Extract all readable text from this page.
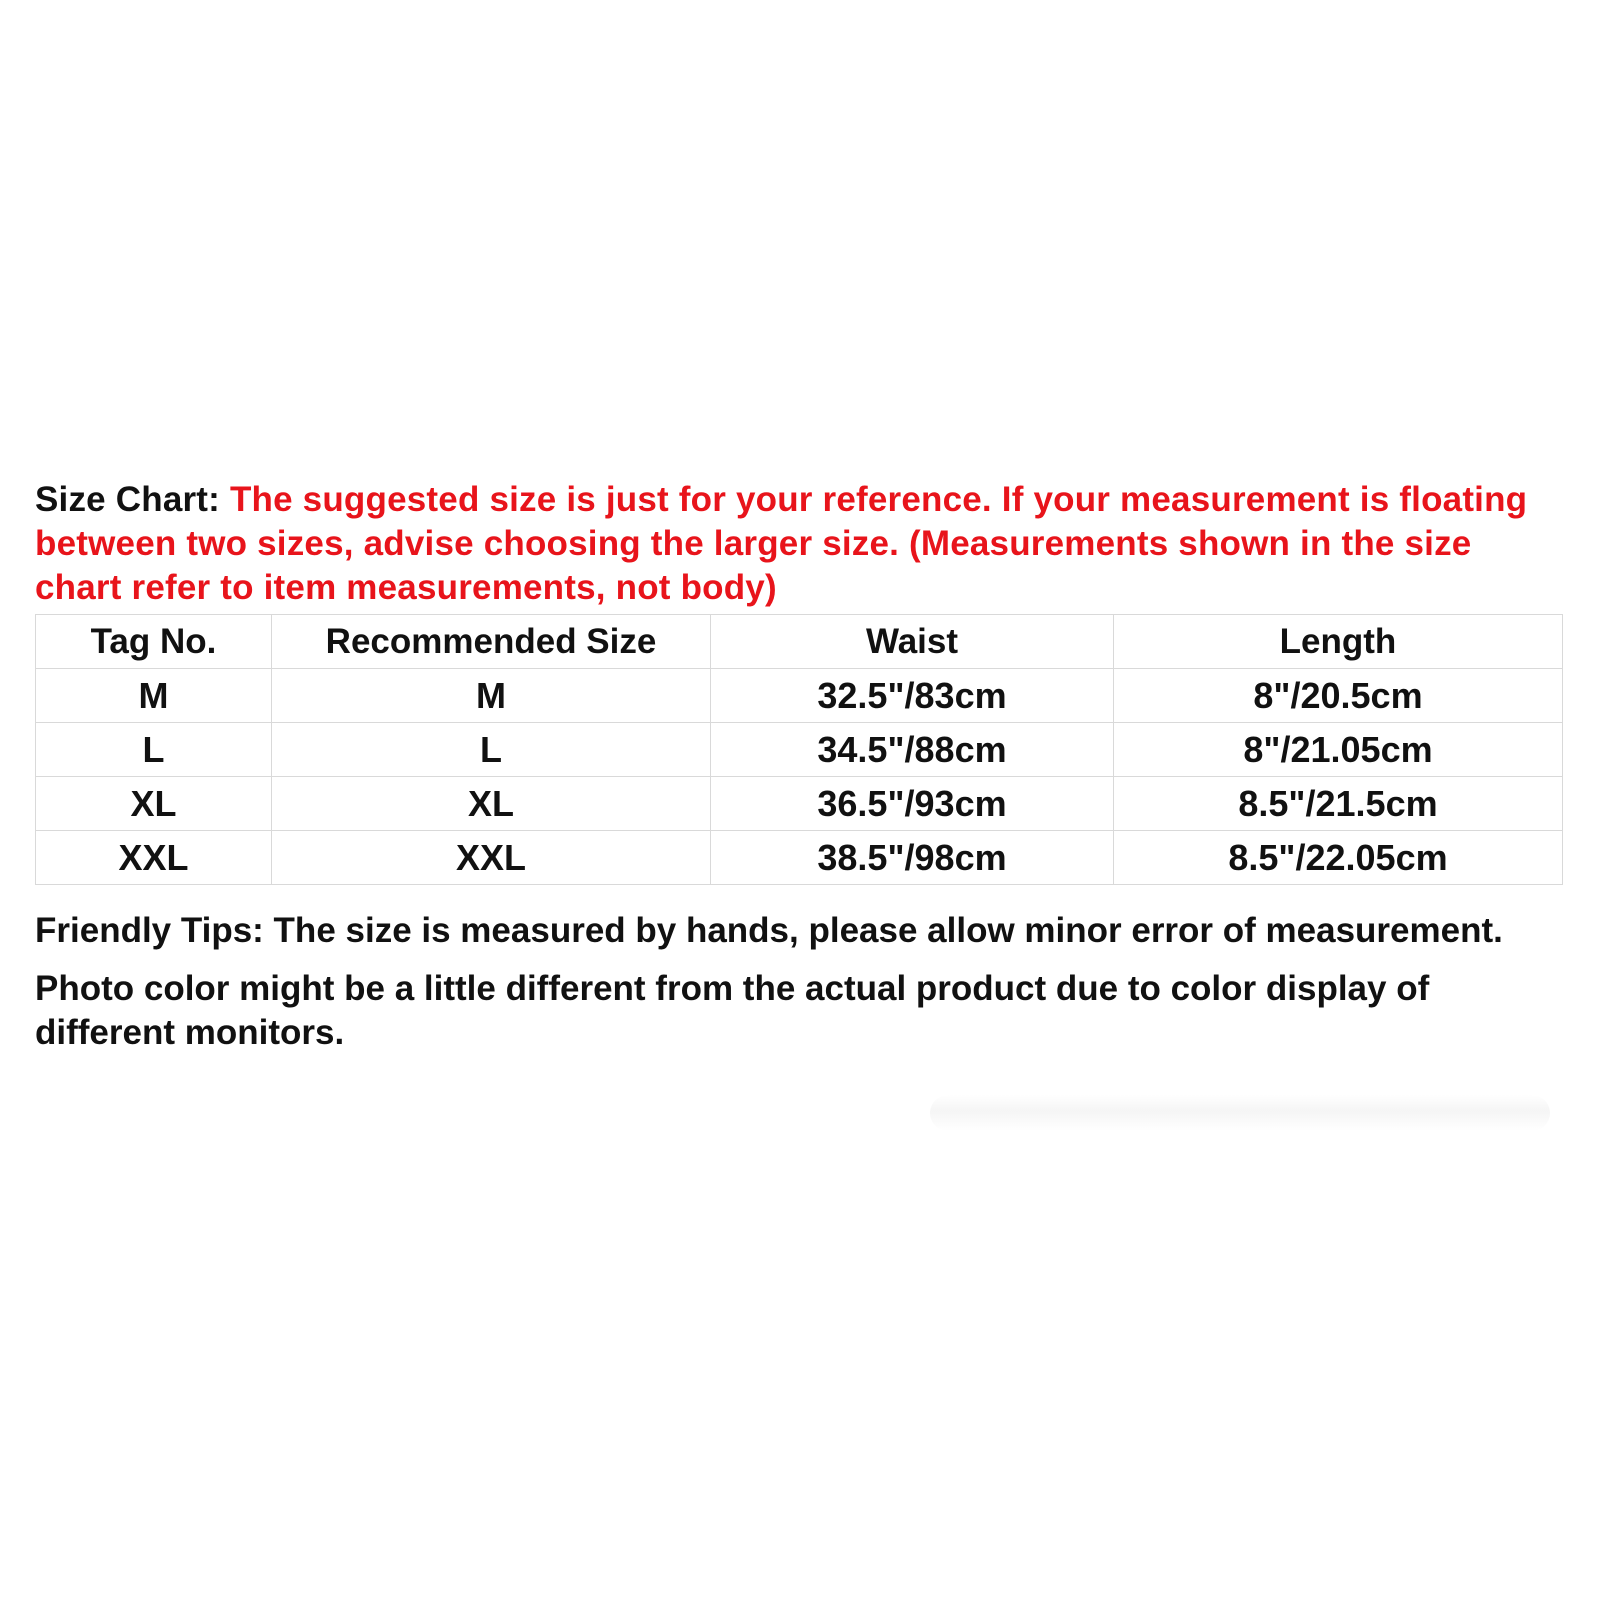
Size Chart: The suggested size is just for your reference. If your measurement is floating between two sizes, advise choosing the larger size. (Measurements shown in the size chart refer to item measurements, not body)

Tag No.	Recommended Size	Waist	Length
M	M	32.5"/83cm	8"/20.5cm
L	L	34.5"/88cm	8"/21.05cm
XL	XL	36.5"/93cm	8.5"/21.5cm
XXL	XXL	38.5"/98cm	8.5"/22.05cm

Friendly Tips: The size is measured by hands, please allow minor error of measurement.

Photo color might be a little different from the actual product due to color display of different monitors.
